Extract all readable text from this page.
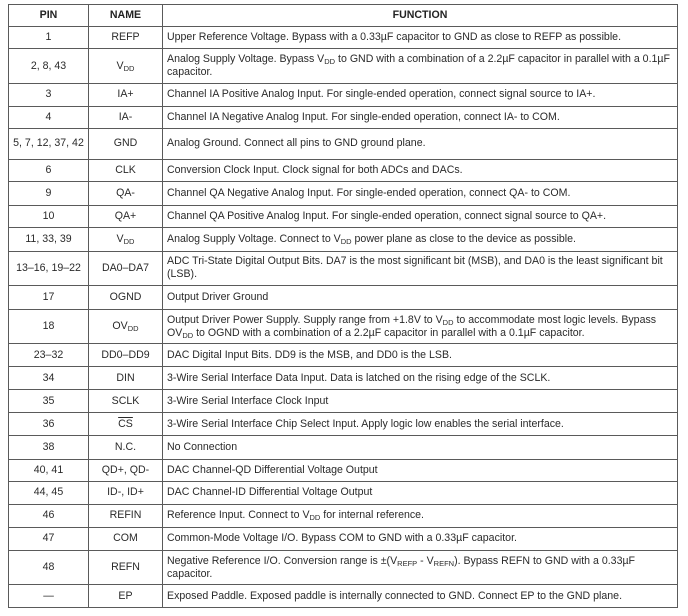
PIN	NAME	FUNCTION
1	REFP	Upper Reference Voltage. Bypass with a 0.33µF capacitor to GND as close to REFP as possible.
2, 8, 43	$V_{DD}$	Analog Supply Voltage. Bypass $V_{DD}$ to GND with a combination of a 2.2µF capacitor in parallel with a 0.1µF capacitor.
3	IA+	Channel IA Positive Analog Input. For single-ended operation, connect signal source to IA+.
4	IA-	Channel IA Negative Analog Input. For single-ended operation, connect IA- to COM.
5, 7, 12, 37, 42	GND	Analog Ground. Connect all pins to GND ground plane.
6	CLK	Conversion Clock Input. Clock signal for both ADCs and DACs.
9	QA-	Channel QA Negative Analog Input. For single-ended operation, connect QA- to COM.
10	QA+	Channel QA Positive Analog Input. For single-ended operation, connect signal source to QA+.
11, 33, 39	$V_{DD}$	Analog Supply Voltage. Connect to $V_{DD}$ power plane as close to the device as possible.
13–16, 19–22	DA0–DA7	ADC Tri-State Digital Output Bits. DA7 is the most significant bit (MSB), and DA0 is the least significant bit (LSB).
17	OGND	Output Driver Ground
18	$OV_{DD}$	Output Driver Power Supply. Supply range from +1.8V to $V_{DD}$ to accommodate most logic levels. Bypass $OV_{DD}$ to OGND with a combination of a 2.2µF capacitor in parallel with a 0.1µF capacitor.
23–32	DD0–DD9	DAC Digital Input Bits. DD9 is the MSB, and DD0 is the LSB.
34	DIN	3-Wire Serial Interface Data Input. Data is latched on the rising edge of the SCLK.
35	SCLK	3-Wire Serial Interface Clock Input
36	$\overline{CS}$	3-Wire Serial Interface Chip Select Input. Apply logic low enables the serial interface.
38	N.C.	No Connection
40, 41	QD+, QD-	DAC Channel-QD Differential Voltage Output
44, 45	ID-, ID+	DAC Channel-ID Differential Voltage Output
46	REFIN	Reference Input. Connect to $V_{DD}$ for internal reference.
47	COM	Common-Mode Voltage I/O. Bypass COM to GND with a 0.33µF capacitor.
48	REFN	Negative Reference I/O. Conversion range is $\pm(V_{REFP} - V_{REFN})$. Bypass REFN to GND with a 0.33µF capacitor.
—	EP	Exposed Paddle. Exposed paddle is internally connected to GND. Connect EP to the GND plane.
